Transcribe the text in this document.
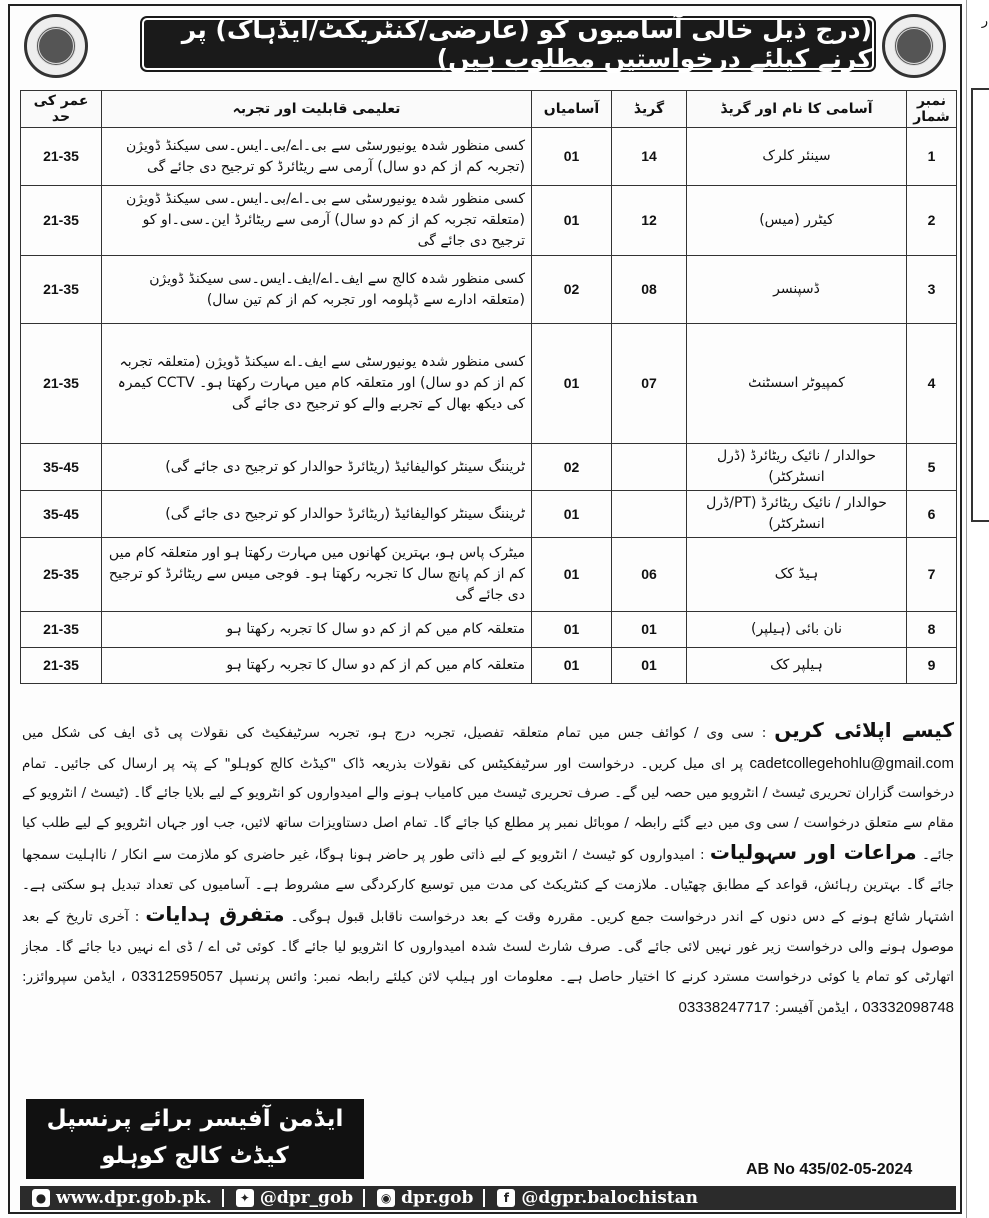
ر
(درج ذیل خالی آسامیوں کو (عارضی/کنٹریکٹ/ایڈہاک) پر کرنے کیلئے درخواستیں مطلوب ہیں)
نمبر شمار	آسامی کا نام اور گریڈ	گریڈ	آسامیاں	تعلیمی قابلیت اور تجربہ	عمر کی حد
1	سینئر کلرک	14	01	کسی منظور شدہ یونیورسٹی سے بی۔اے/بی۔ایس۔سی سیکنڈ ڈویژن (تجربہ کم از کم دو سال) آرمی سے ریٹائرڈ کو ترجیح دی جائے گی	21-35
2	کیٹرر (میس)	12	01	کسی منظور شدہ یونیورسٹی سے بی۔اے/بی۔ایس۔سی سیکنڈ ڈویژن (متعلقہ تجربہ کم از کم دو سال) آرمی سے ریٹائرڈ این۔سی۔او کو ترجیح دی جائے گی	21-35
3	ڈسپنسر	08	02	کسی منظور شدہ کالج سے ایف۔اے/ایف۔ایس۔سی سیکنڈ ڈویژن (متعلقہ ادارے سے ڈپلومہ اور تجربہ کم از کم تین سال)	21-35
4	کمپیوٹر اسسٹنٹ	07	01	کسی منظور شدہ یونیورسٹی سے ایف۔اے سیکنڈ ڈویژن (متعلقہ تجربہ کم از کم دو سال) اور متعلقہ کام میں مہارت رکھتا ہو۔ CCTV کیمرہ کی دیکھ بھال کے تجربے والے کو ترجیح دی جائے گی	21-35
5	حوالدار / نائیک ریٹائرڈ (ڈرل انسٹرکٹر)		02	ٹریننگ سینٹر کوالیفائیڈ (ریٹائرڈ حوالدار کو ترجیح دی جائے گی)	35-45
6	حوالدار / نائیک ریٹائرڈ (PT/ڈرل انسٹرکٹر)		01	ٹریننگ سینٹر کوالیفائیڈ (ریٹائرڈ حوالدار کو ترجیح دی جائے گی)	35-45
7	ہیڈ کک	06	01	میٹرک پاس ہو، بہترین کھانوں میں مہارت رکھتا ہو اور متعلقہ کام میں کم از کم پانچ سال کا تجربہ رکھتا ہو۔ فوجی میس سے ریٹائرڈ کو ترجیح دی جائے گی	25-35
8	نان بائی (ہیلپر)	01	01	متعلقہ کام میں کم از کم دو سال کا تجربہ رکھتا ہو	21-35
9	ہیلپر کک	01	01	متعلقہ کام میں کم از کم دو سال کا تجربہ رکھتا ہو	21-35
کیسے اپلائی کریں : سی وی / کوائف جس میں تمام متعلقہ تفصیل، تجربہ درج ہو، تجربہ سرٹیفکیٹ کی نقولات پی ڈی ایف کی شکل میں cadetcollegehohlu@gmail.com پر ای میل کریں۔ درخواست اور سرٹیفکیٹس کی نقولات بذریعہ ڈاک "کیڈٹ کالج کوہلو" کے پتہ پر ارسال کی جائیں۔ تمام درخواست گزاران تحریری ٹیسٹ / انٹرویو میں حصہ لیں گے۔ صرف تحریری ٹیسٹ میں کامیاب ہونے والے امیدواروں کو انٹرویو کے لیے بلایا جائے گا۔ (ٹیسٹ / انٹرویو کے مقام سے متعلق درخواست / سی وی میں دیے گئے رابطہ / موبائل نمبر پر مطلع کیا جائے گا۔ تمام اصل دستاویزات ساتھ لائیں، جب اور جہاں انٹرویو کے لیے طلب کیا جائے۔ مراعات اور سہولیات : امیدواروں کو ٹیسٹ / انٹرویو کے لیے ذاتی طور پر حاضر ہونا ہوگا، غیر حاضری کو ملازمت سے انکار / نااہلیت سمجھا جائے گا۔ بہترین رہائش، قواعد کے مطابق چھٹیاں۔ ملازمت کے کنٹریکٹ کی مدت میں توسیع کارکردگی سے مشروط ہے۔ آسامیوں کی تعداد تبدیل ہو سکتی ہے۔ اشتہار شائع ہونے کے دس دنوں کے اندر درخواست جمع کریں۔ مقررہ وقت کے بعد درخواست ناقابل قبول ہوگی۔ متفرق ہدایات : آخری تاریخ کے بعد موصول ہونے والی درخواست زیر غور نہیں لائی جائے گی۔ صرف شارٹ لسٹ شدہ امیدواروں کا انٹرویو لیا جائے گا۔ کوئی ٹی اے / ڈی اے نہیں دیا جائے گا۔ مجاز اتھارٹی کو تمام یا کوئی درخواست مسترد کرنے کا اختیار حاصل ہے۔ معلومات اور ہیلپ لائن کیلئے رابطہ نمبر: وائس پرنسپل 03312595057 ، ایڈمن سپروائزر: 03332098748 ، ایڈمن آفیسر: 03338247717
ایڈمن آفیسر برائے پرنسپل
کیڈٹ کالج کوہلو
AB No 435/02-05-2024
● www.dpr.gob.pk.	✦ @dpr_gob	◉ dpr.gob	f @dgpr.balochistan
